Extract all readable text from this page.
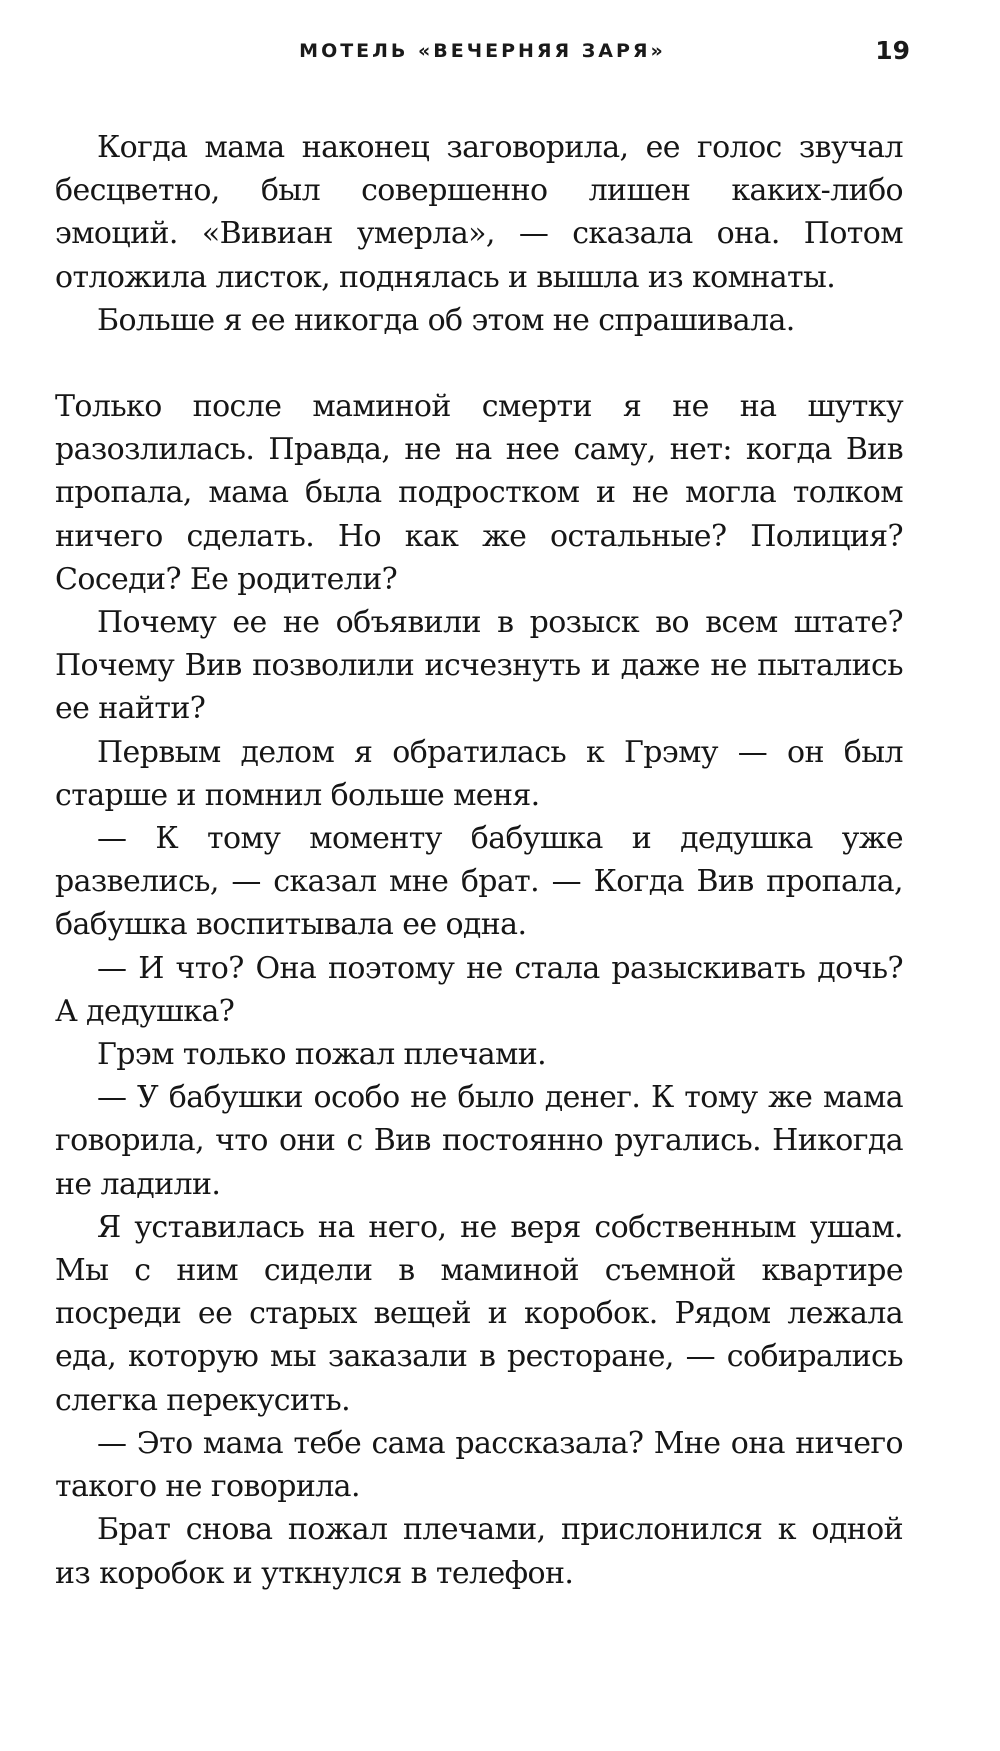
МОТЕЛЬ «ВЕЧЕРНЯЯ ЗАРЯ»	19

Когда мама наконец заговорила, ее голос звучал бесцветно, был совершенно лишен каких-либо эмоций. «Вивиан умерла», — сказала она. Потом отложила листок, поднялась и вышла из комнаты.

Больше я ее никогда об этом не спрашивала.

Только после маминой смерти я не на шутку разозлилась. Правда, не на нее саму, нет: когда Вив пропала, мама была подростком и не могла толком ничего сделать. Но как же остальные? Полиция? Соседи? Ее родители?

Почему ее не объявили в розыск во всем штате? Почему Вив позволили исчезнуть и даже не пытались ее найти?

Первым делом я обратилась к Грэму — он был старше и помнил больше меня.

— К тому моменту бабушка и дедушка уже развелись, — сказал мне брат. — Когда Вив пропала, бабушка воспитывала ее одна.

— И что? Она поэтому не стала разыскивать дочь? А дедушка?

Грэм только пожал плечами.

— У бабушки особо не было денег. К тому же мама говорила, что они с Вив постоянно ругались. Никогда не ладили.

Я уставилась на него, не веря собственным ушам. Мы с ним сидели в маминой съемной квартире посреди ее старых вещей и коробок. Рядом лежала еда, которую мы заказали в ресторане, — собирались слегка перекусить.

— Это мама тебе сама рассказала? Мне она ничего такого не говорила.

Брат снова пожал плечами, прислонился к одной из коробок и уткнулся в телефон.
